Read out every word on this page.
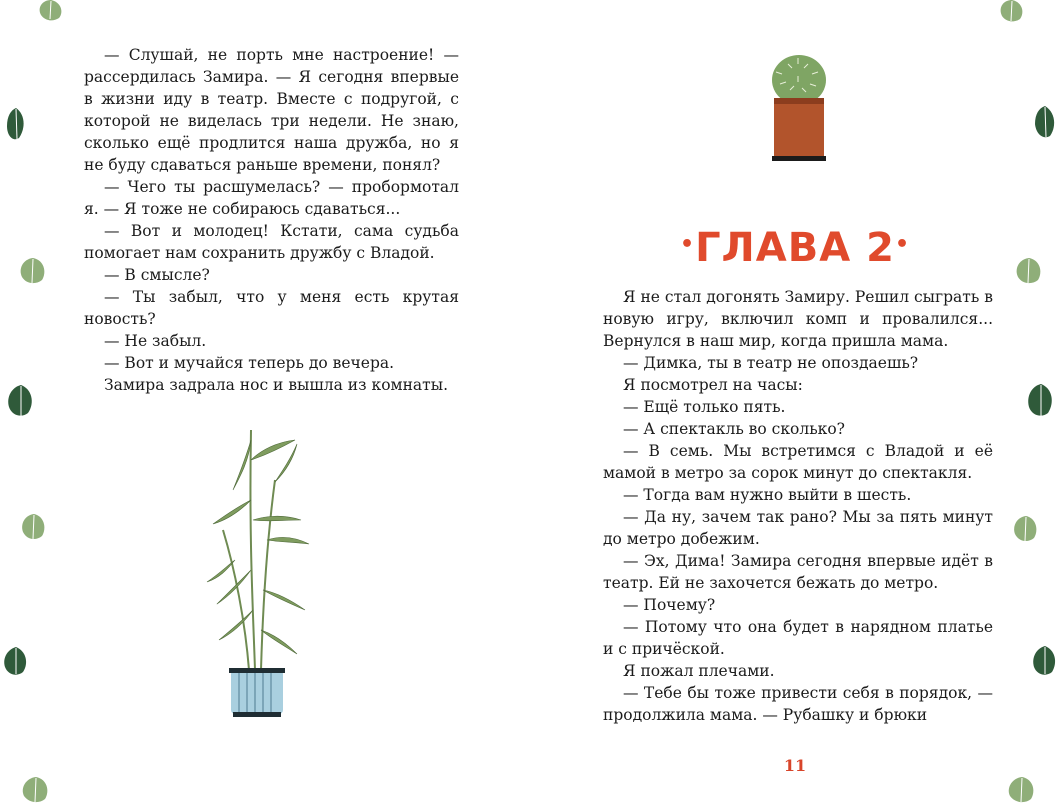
— Слушай, не порть мне настроение! — рассердилась Замира. — Я сегодня впервые в жизни иду в театр. Вместе с подругой, с которой не виделась три недели. Не знаю, сколько ещё продлится наша дружба, но я не буду сдаваться раньше времени, понял?

— Чего ты расшумелась? — пробормотал я. — Я тоже не собираюсь сдаваться...

— Вот и молодец! Кстати, сама судьба помогает нам сохранить дружбу с Владой.

— В смысле?

— Ты забыл, что у меня есть крутая новость?

— Не забыл.

— Вот и мучайся теперь до вечера.

Замира задрала нос и вышла из комнаты.

•ГЛАВА 2•

Я не стал догонять Замиру. Решил сыграть в новую игру, включил комп и провалился... Вернулся в наш мир, когда пришла мама.

— Димка, ты в театр не опоздаешь?

Я посмотрел на часы:

— Ещё только пять.

— А спектакль во сколько?

— В семь. Мы встретимся с Владой и её мамой в метро за сорок минут до спектакля.

— Тогда вам нужно выйти в шесть.

— Да ну, зачем так рано? Мы за пять минут до метро добежим.

— Эх, Дима! Замира сегодня впервые идёт в театр. Ей не захочется бежать до метро.

— Почему?

— Потому что она будет в нарядном платье и с причёской.

Я пожал плечами.

— Тебе бы тоже привести себя в порядок, — продолжила мама. — Рубашку и брюки

11
